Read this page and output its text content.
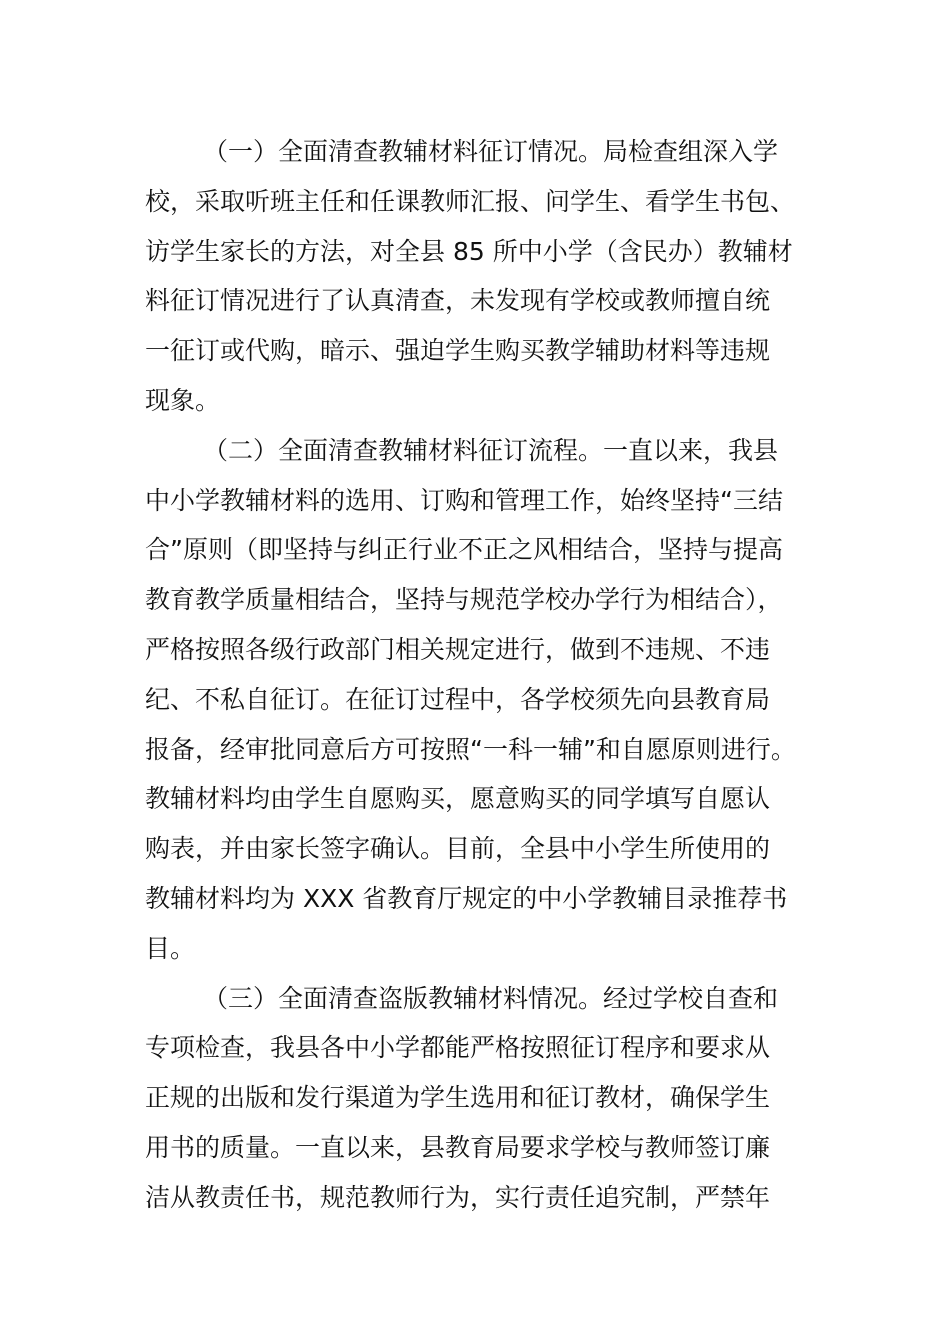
（一）全面清查教辅材料征订情况。局检查组深入学
校，采取听班主任和任课教师汇报、问学生、看学生书包、
访学生家长的方法，对全县 85 所中小学（含民办）教辅材
料征订情况进行了认真清查，未发现有学校或教师擅自统
一征订或代购，暗示、强迫学生购买教学辅助材料等违规
现象。

（二）全面清查教辅材料征订流程。一直以来，我县
中小学教辅材料的选用、订购和管理工作，始终坚持“三结
合”原则（即坚持与纠正行业不正之风相结合，坚持与提高
教育教学质量相结合，坚持与规范学校办学行为相结合），
严格按照各级行政部门相关规定进行，做到不违规、不违
纪、不私自征订。在征订过程中，各学校须先向县教育局
报备，经审批同意后方可按照“一科一辅”和自愿原则进行。
教辅材料均由学生自愿购买，愿意购买的同学填写自愿认
购表，并由家长签字确认。目前，全县中小学生所使用的
教辅材料均为 XXX 省教育厅规定的中小学教辅目录推荐书
目。

（三）全面清查盗版教辅材料情况。经过学校自查和
专项检查，我县各中小学都能严格按照征订程序和要求从
正规的出版和发行渠道为学生选用和征订教材，确保学生
用书的质量。一直以来，县教育局要求学校与教师签订廉
洁从教责任书，规范教师行为，实行责任追究制，严禁年
